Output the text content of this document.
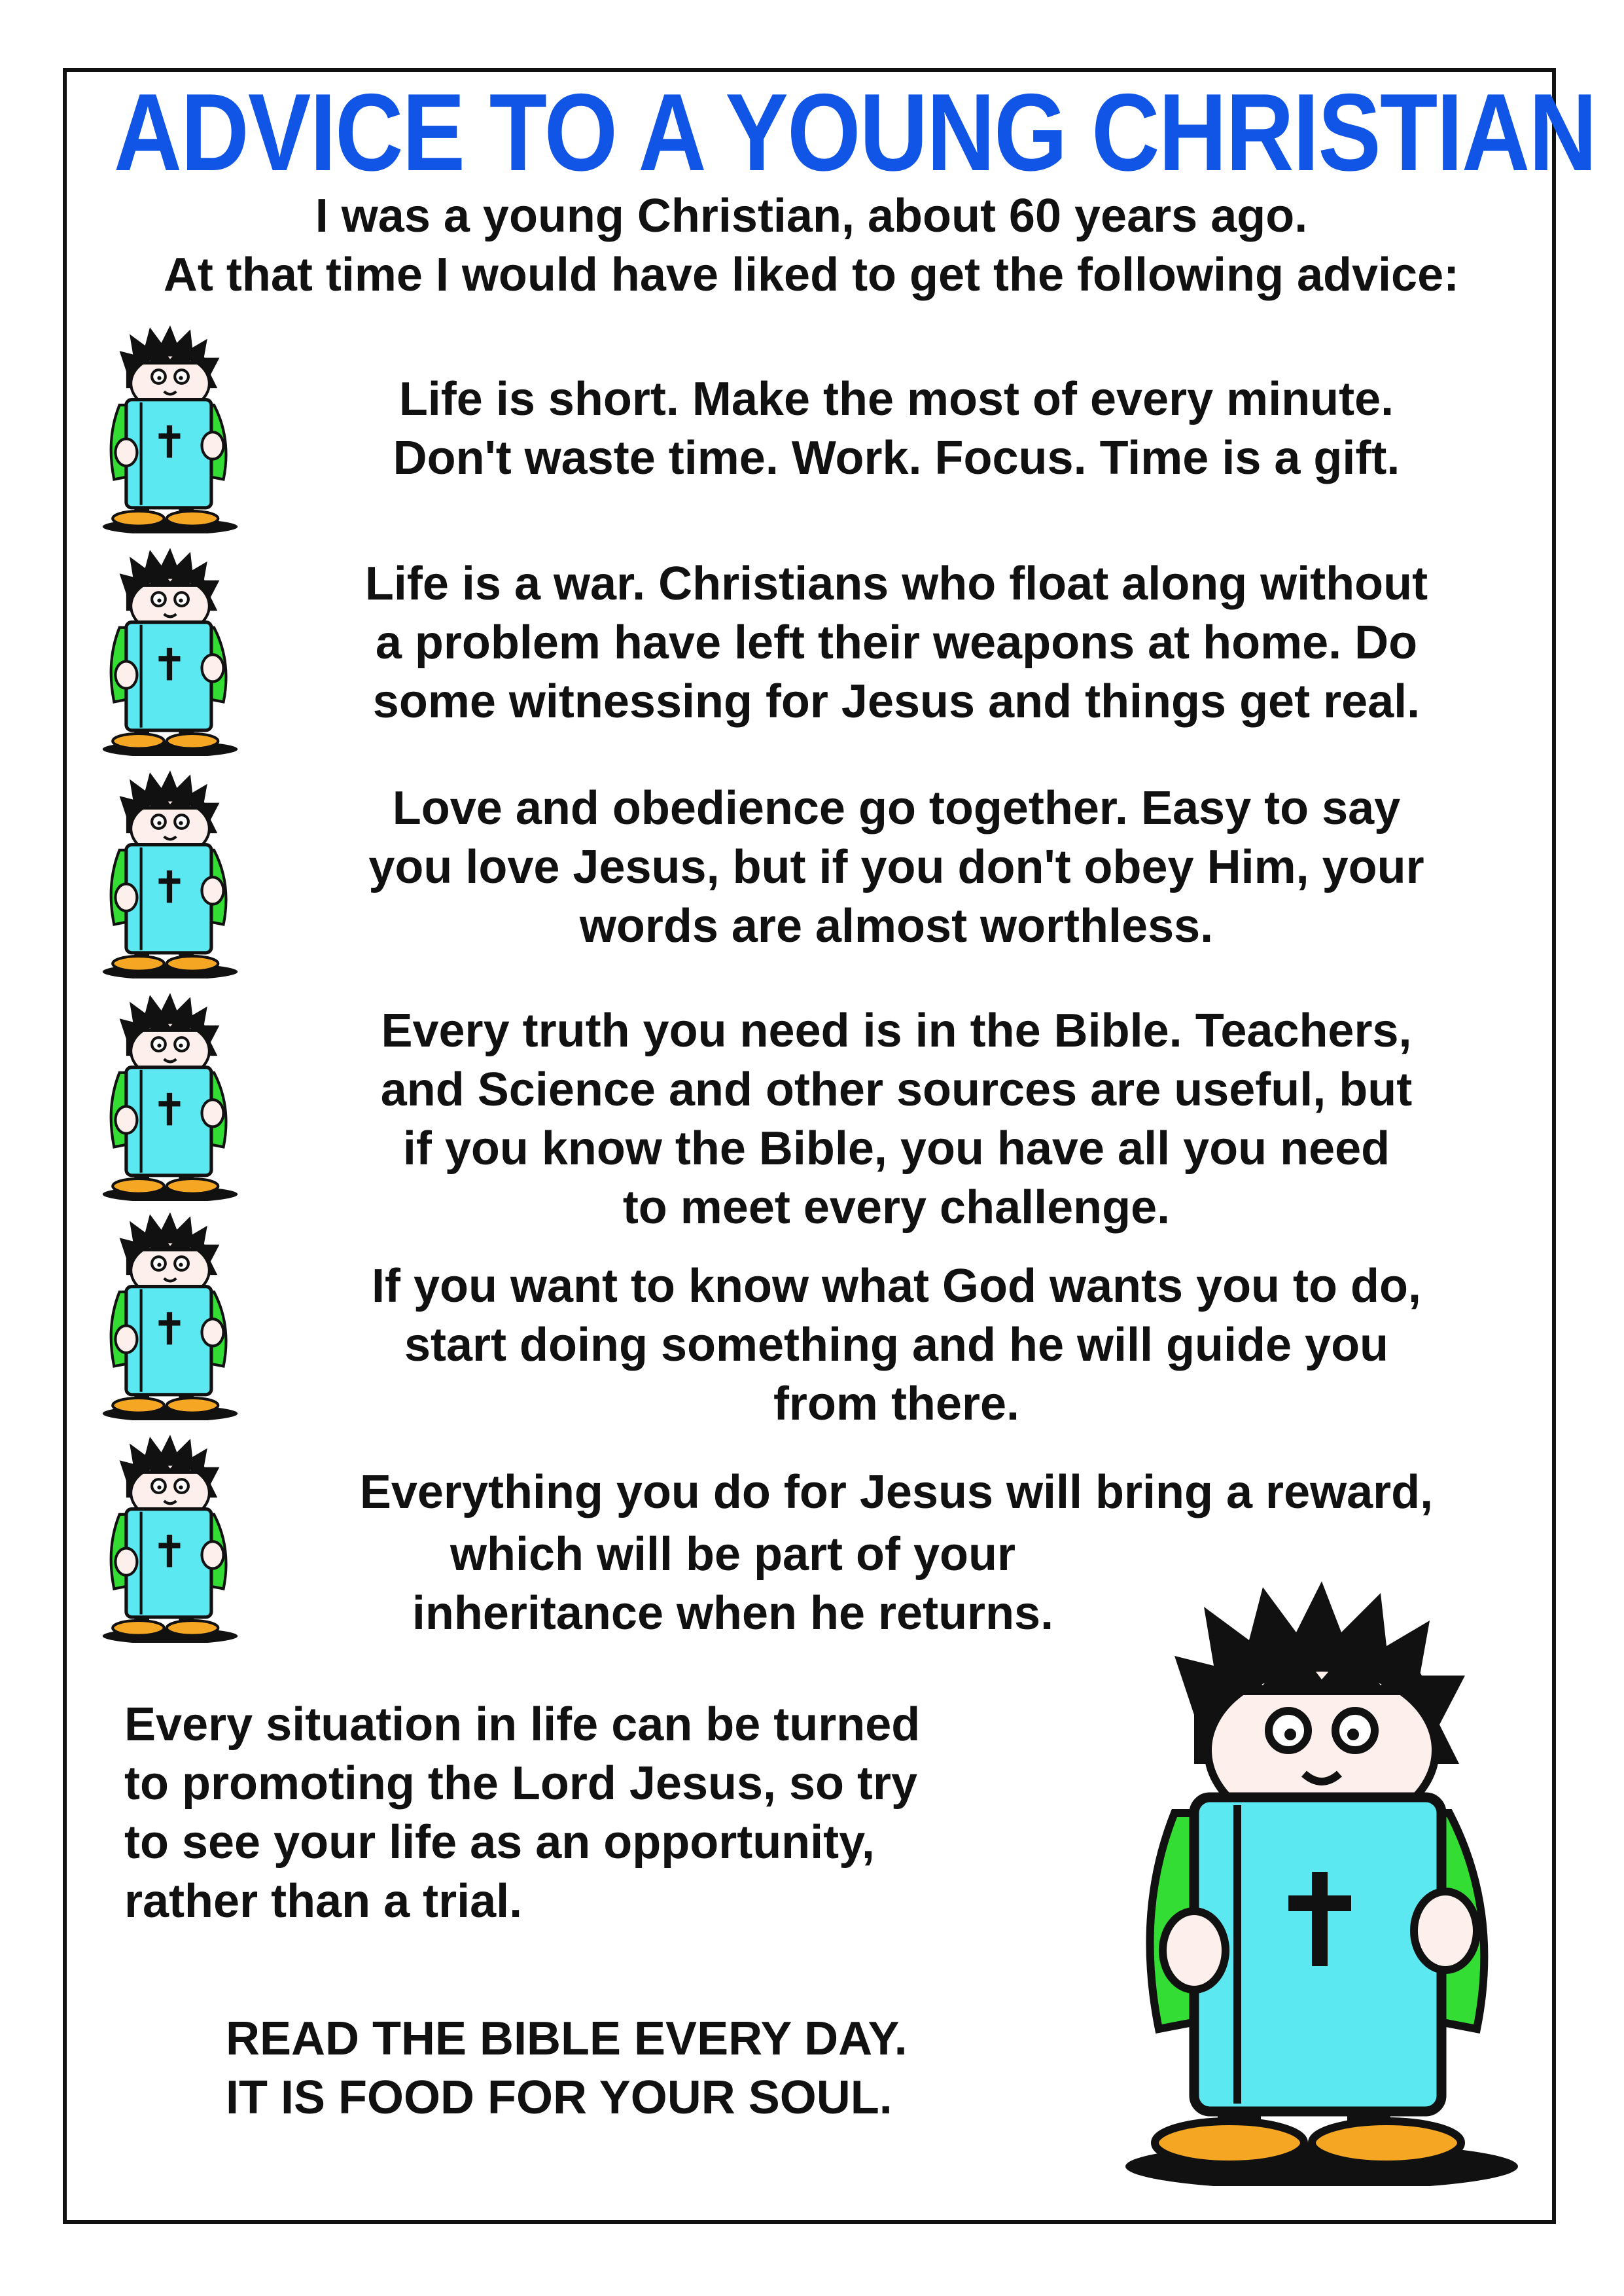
ADVICE TO A YOUNG CHRISTIAN
I was a young Christian, about 60 years ago.
At that time I would have liked to get the following advice:
Life is short. Make the most of every minute.
Don't waste time. Work. Focus. Time is a gift.
Life is a war. Christians who float along without
a problem have left their weapons at home. Do
some witnessing for Jesus and things get real.
Love and obedience go together. Easy to say
you love Jesus, but if you don't obey Him, your
words are almost worthless.
Every truth you need is in the Bible. Teachers,
and Science and other sources are useful, but
if you know the Bible, you have all you need
to meet every challenge.
If you want to know what God wants you to do,
start doing something and he will guide you
from there.
Everything you do for Jesus will bring a reward,
which will be part of your
inheritance when he returns.
Every situation in life can be turned
to promoting the Lord Jesus, so try
to see your life as an opportunity,
rather than a trial.
READ THE BIBLE EVERY DAY.
IT IS FOOD FOR YOUR SOUL.
